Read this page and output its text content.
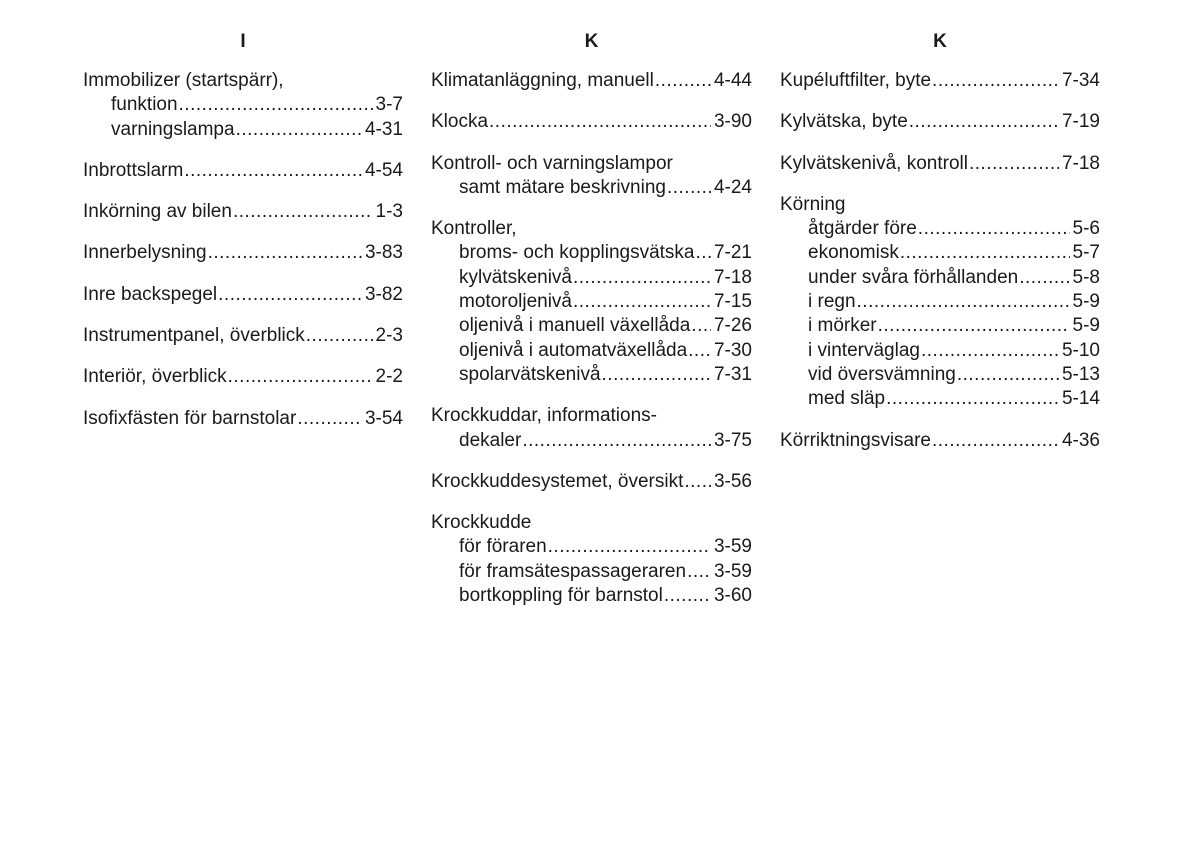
I
Immobilizer (startspärr),
funktion .....	3-7
varningslampa .....	4-31
Inbrottslarm .....	4-54
Inkörning av bilen .....	1-3
Innerbelysning .....	3-83
Inre backspegel .....	3-82
Instrumentpanel, överblick .....	2-3
Interiör, överblick .....	2-2
Isofixfästen för barnstolar .....	3-54
K
Klimatanläggning, manuell .....	4-44
Klocka .....	3-90
Kontroll- och varningslampor
samt mätare beskrivning .....	4-24
Kontroller,
broms- och kopplingsvätska ..... 7-21
kylvätskenivå .....	7-18
motoroljenivå .....	7-15
oljenivå i manuell växellåda ..... 7-26
oljenivå i automatväxellåda ..... 7-30
spolarvätskenivå .....	7-31
Krockkuddar, informations-
dekaler .....	3-75
Krockkuddesystemet, översikt ..... 3-56
Krockkudde
för föraren .....	3-59
för framsätespassageraren ..... 3-59
bortkoppling för barnstol .....	3-60
K
Kupéluftfilter, byte .....	7-34
Kylvätska, byte .....	7-19
Kylvätskenivå, kontroll .....	7-18
Körning
åtgärder före .....	5-6
ekonomisk .....	5-7
under svåra förhållanden .....	5-8
i regn .....	5-9
i mörker .....	5-9
i vinterväglag .....	5-10
vid översvämning .....	5-13
med släp .....	5-14
Körriktningsvisare .....	4-36
